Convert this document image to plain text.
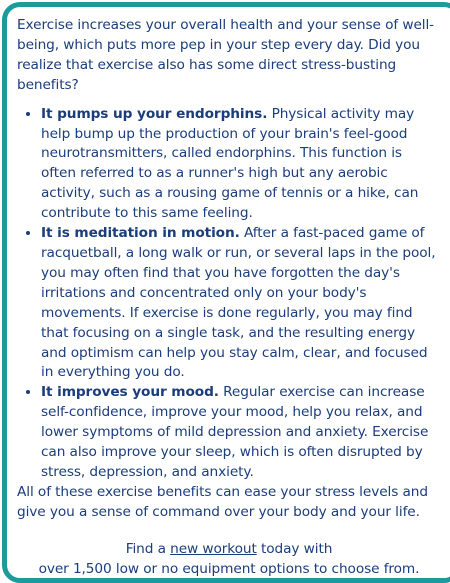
Exercise increases your overall health and your sense of well-being, which puts more pep in your step every day. Did you realize that exercise also has some direct stress-busting benefits?

• It pumps up your endorphins. Physical activity may help bump up the production of your brain's feel-good neurotransmitters, called endorphins. This function is often referred to as a runner's high but any aerobic activity, such as a rousing game of tennis or a hike, can contribute to this same feeling.
• It is meditation in motion. After a fast-paced game of racquetball, a long walk or run, or several laps in the pool, you may often find that you have forgotten the day's irritations and concentrated only on your body's movements. If exercise is done regularly, you may find that focusing on a single task, and the resulting energy and optimism can help you stay calm, clear, and focused in everything you do.
• It improves your mood. Regular exercise can increase self-confidence, improve your mood, help you relax, and lower symptoms of mild depression and anxiety. Exercise can also improve your sleep, which is often disrupted by stress, depression, and anxiety.

All of these exercise benefits can ease your stress levels and give you a sense of command over your body and your life.

Find a new workout today with
over 1,500 low or no equipment options to choose from.
